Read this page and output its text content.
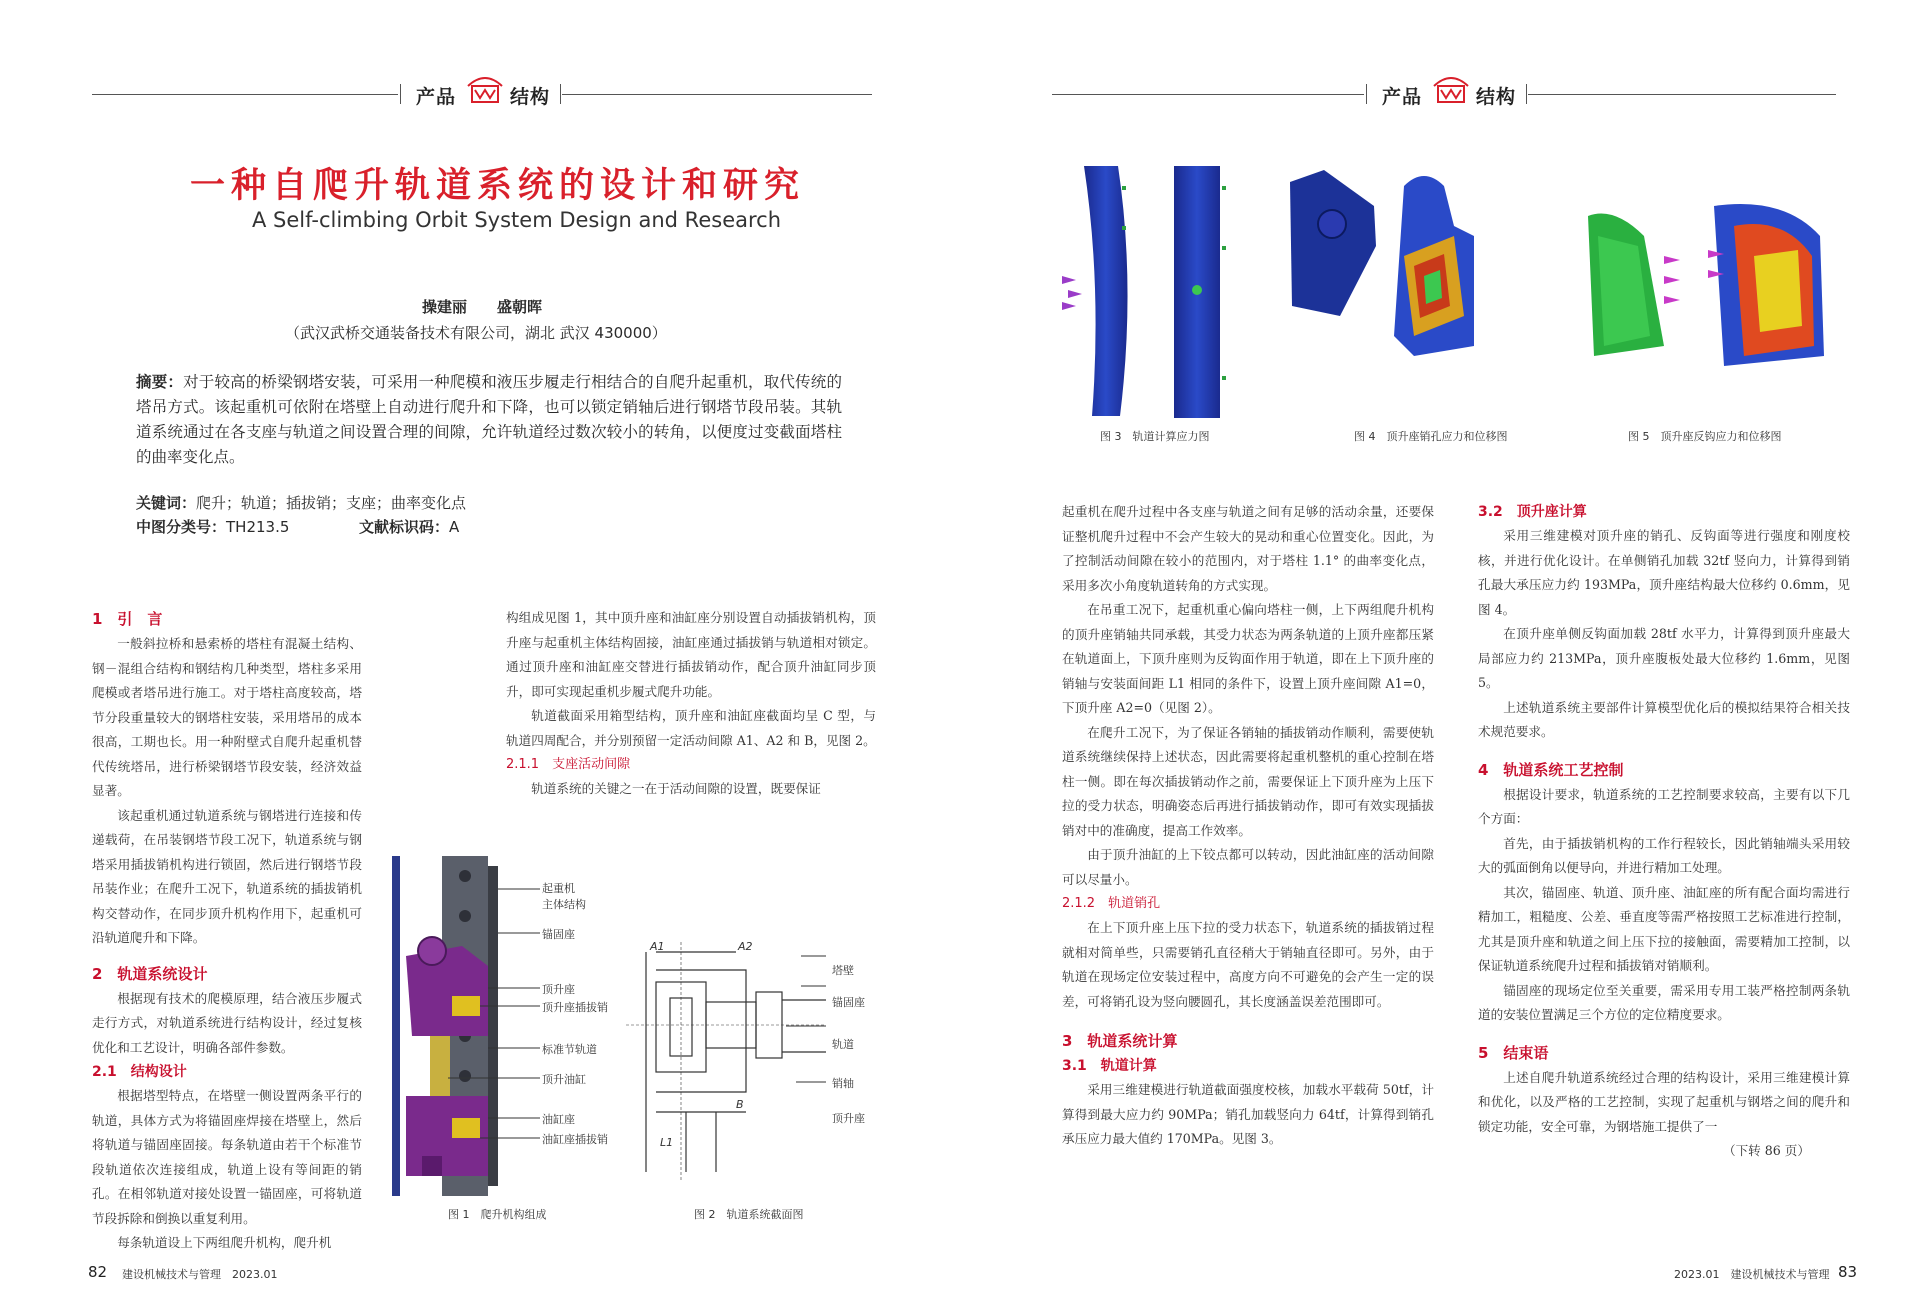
产品	结构	产品	结构
一种自爬升轨道系统的设计和研究
A Self-climbing Orbit System Design and Research
操建丽　　盛朝晖
（武汉武桥交通装备技术有限公司，湖北 武汉 430000）
摘要：对于较高的桥梁钢塔安装，可采用一种爬模和液压步履走行相结合的自爬升起重机，取代传统的塔吊方式。该起重机可依附在塔壁上自动进行爬升和下降，也可以锁定销轴后进行钢塔节段吊装。其轨道系统通过在各支座与轨道之间设置合理的间隙，允许轨道经过数次较小的转角，以便度过变截面塔柱的曲率变化点。
关键词：爬升；轨道；插拔销；支座；曲率变化点
中图分类号：TH213.5	文献标识码：A
1　引　言

一般斜拉桥和悬索桥的塔柱有混凝土结构、钢－混组合结构和钢结构几种类型，塔柱多采用爬模或者塔吊进行施工。对于塔柱高度较高，塔节分段重量较大的钢塔柱安装，采用塔吊的成本很高，工期也长。用一种附壁式自爬升起重机替代传统塔吊，进行桥梁钢塔节段安装，经济效益显著。

该起重机通过轨道系统与钢塔进行连接和传递载荷，在吊装钢塔节段工况下，轨道系统与钢塔采用插拔销机构进行锁固，然后进行钢塔节段吊装作业；在爬升工况下，轨道系统的插拔销机构交替动作，在同步顶升机构作用下，起重机可沿轨道爬升和下降。

2　轨道系统设计

根据现有技术的爬模原理，结合液压步履式走行方式，对轨道系统进行结构设计，经过复核优化和工艺设计，明确各部件参数。

2.1　结构设计

根据塔型特点，在塔壁一侧设置两条平行的轨道，具体方式为将锚固座焊接在塔壁上，然后将轨道与锚固座固接。每条轨道由若干个标准节段轨道依次连接组成，轨道上设有等间距的销孔。在相邻轨道对接处设置一锚固座，可将轨道节段拆除和倒换以重复利用。

每条轨道设上下两组爬升机构，爬升机

构组成见图 1，其中顶升座和油缸座分别设置自动插拔销机构，顶升座与起重机主体结构固接，油缸座通过插拔销与轨道相对锁定。通过顶升座和油缸座交替进行插拔销动作，配合顶升油缸同步顶升，即可实现起重机步履式爬升功能。

轨道截面采用箱型结构，顶升座和油缸座截面均呈 C 型，与轨道四周配合，并分别预留一定活动间隙 A1、A2 和 B，见图 2。

2.1.1　支座活动间隙

轨道系统的关键之一在于活动间隙的设置，既要保证

起重机
主体结构
锚固座
顶升座
顶升座插拔销
标准节轨道
顶升油缸
油缸座
油缸座插拔销
图 1　爬升机构组成
A1	A2
B
L1
塔壁
锚固座
轨道
销轴
顶升座
图 2　轨道系统截面图
图 3　轨道计算应力图	图 4　顶升座销孔应力和位移图	图 5　顶升座反钩应力和位移图

起重机在爬升过程中各支座与轨道之间有足够的活动余量，还要保证整机爬升过程中不会产生较大的晃动和重心位置变化。因此，为了控制活动间隙在较小的范围内，对于塔柱 1.1° 的曲率变化点，采用多次小角度轨道转角的方式实现。

在吊重工况下，起重机重心偏向塔柱一侧，上下两组爬升机构的顶升座销轴共同承载，其受力状态为两条轨道的上顶升座都压紧在轨道面上，下顶升座则为反钩面作用于轨道，即在上下顶升座的销轴与安装面间距 L1 相同的条件下，设置上顶升座间隙 A1=0，下顶升座 A2=0（见图 2）。

在爬升工况下，为了保证各销轴的插拔销动作顺利，需要使轨道系统继续保持上述状态，因此需要将起重机整机的重心控制在塔柱一侧。即在每次插拔销动作之前，需要保证上下顶升座为上压下拉的受力状态，明确姿态后再进行插拔销动作，即可有效实现插拔销对中的准确度，提高工作效率。

由于顶升油缸的上下铰点都可以转动，因此油缸座的活动间隙可以尽量小。

2.1.2　轨道销孔

在上下顶升座上压下拉的受力状态下，轨道系统的插拔销过程就相对简单些，只需要销孔直径稍大于销轴直径即可。另外，由于轨道在现场定位安装过程中，高度方向不可避免的会产生一定的误差，可将销孔设为竖向腰圆孔，其长度涵盖误差范围即可。

3　轨道系统计算
3.1　轨道计算

采用三维建模进行轨道截面强度校核，加载水平载荷 50tf，计算得到最大应力约 90MPa；销孔加载竖向力 64tf，计算得到销孔承压应力最大值约 170MPa。见图 3。

3.2　顶升座计算

采用三维建模对顶升座的销孔、反钩面等进行强度和刚度校核，并进行优化设计。在单侧销孔加载 32tf 竖向力，计算得到销孔最大承压应力约 193MPa，顶升座结构最大位移约 0.6mm，见图 4。

在顶升座单侧反钩面加载 28tf 水平力，计算得到顶升座最大局部应力约 213MPa，顶升座腹板处最大位移约 1.6mm，见图 5。

上述轨道系统主要部件计算模型优化后的模拟结果符合相关技术规范要求。

4　轨道系统工艺控制

根据设计要求，轨道系统的工艺控制要求较高，主要有以下几个方面：

首先，由于插拔销机构的工作行程较长，因此销轴端头采用较大的弧面倒角以便导向，并进行精加工处理。

其次，锚固座、轨道、顶升座、油缸座的所有配合面均需进行精加工，粗糙度、公差、垂直度等需严格按照工艺标准进行控制，尤其是顶升座和轨道之间上压下拉的接触面，需要精加工控制，以保证轨道系统爬升过程和插拔销对销顺利。

锚固座的现场定位至关重要，需采用专用工装严格控制两条轨道的安装位置满足三个方位的定位精度要求。

5　结束语

上述自爬升轨道系统经过合理的结构设计，采用三维建模计算和优化，以及严格的工艺控制，实现了起重机与钢塔之间的爬升和锁定功能，安全可靠，为钢塔施工提供了一

（下转 86 页）
82 建设机械技术与管理　2023.01	2023.01　建设机械技术与管理 83
